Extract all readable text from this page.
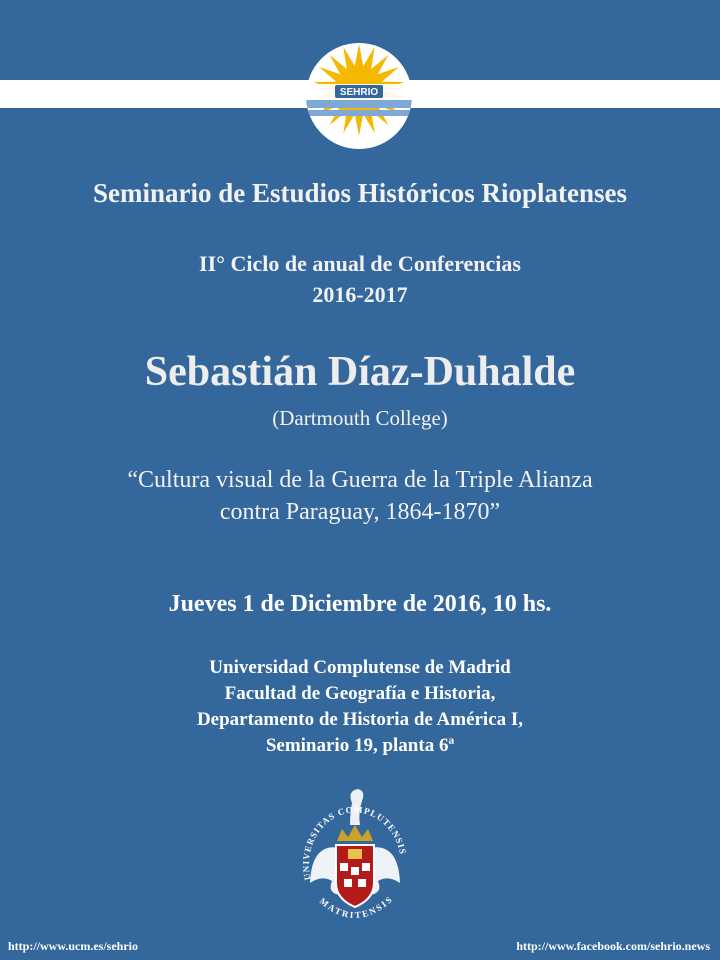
SEHRIO
Seminario de Estudios Históricos Rioplatenses
II° Ciclo de anual de Conferencias
2016-2017
Sebastián Díaz-Duhalde
(Dartmouth College)
“Cultura visual de la Guerra de la Triple Alianza
contra Paraguay, 1864-1870”
Jueves 1 de Diciembre de 2016, 10 hs.
Universidad Complutense de Madrid
Facultad de Geografía e Historia,
Departamento de Historia de América I,
Seminario 19, planta 6ª
UNIVERSITAS COMPLUTENSIS
MATRITENSIS
http://www.ucm.es/sehrio	http://www.facebook.com/sehrio.news
